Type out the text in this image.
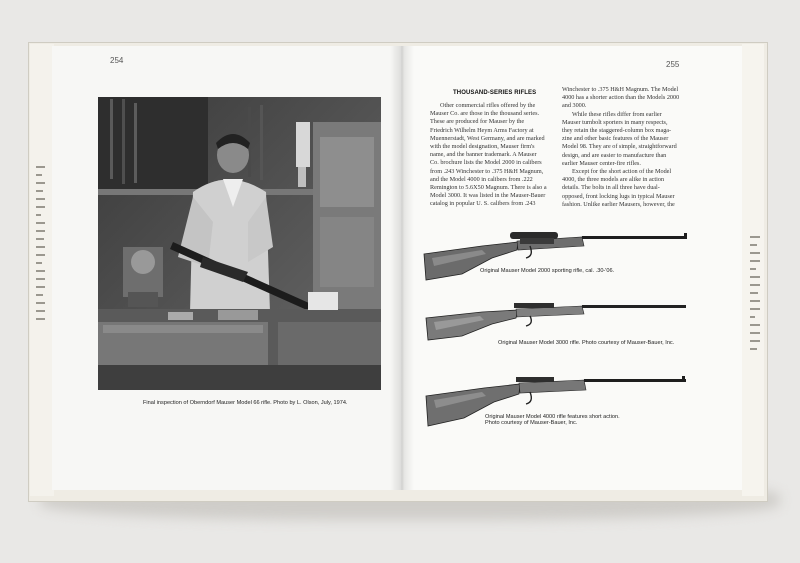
254	255
Final inspection of Oberndorf Mauser Model 66 rifle. Photo by L. Olson, July, 1974.
THOUSAND-SERIES RIFLES
Other commercial rifles offered by the
Mauser Co. are those in the thousand series.
These are produced for Mauser by the
Friedrich Wilhelm Heym Arms Factory at
Muennerstadt, West Germany, and are marked
with the model designation, Mauser firm's
name, and the banner trademark. A Mauser
Co. brochure lists the Model 2000 in calibers
from .243 Winchester to .375 H&H Magnum,
and the Model 4000 in calibers from .222
Remington to 5.6X50 Magnum. There is also a
Model 3000. It was listed in the Mauser-Bauer
catalog in popular U. S. calibers from .243
Winchester to .375 H&H Magnum. The Model
4000 has a shorter action than the Models 2000
and 3000.
While these rifles differ from earlier
Mauser turnbolt sporters in many respects,
they retain the staggered-column box maga-
zine and other basic features of the Mauser
Model 98. They are of simple, straightforward
design, and are easier to manufacture than
earlier Mauser center-fire rifles.
Except for the short action of the Model
4000, the three models are alike in action
details. The bolts in all three have dual-
opposed, front locking lugs in typical Mauser
fashion. Unlike earlier Mausers, however, the
Original Mauser Model 2000 sporting rifle, cal. .30-'06.
Original Mauser Model 3000 rifle. Photo courtesy of Mauser-Bauer, Inc.
Original Mauser Model 4000 rifle features short action.
Photo courtesy of Mauser-Bauer, Inc.
